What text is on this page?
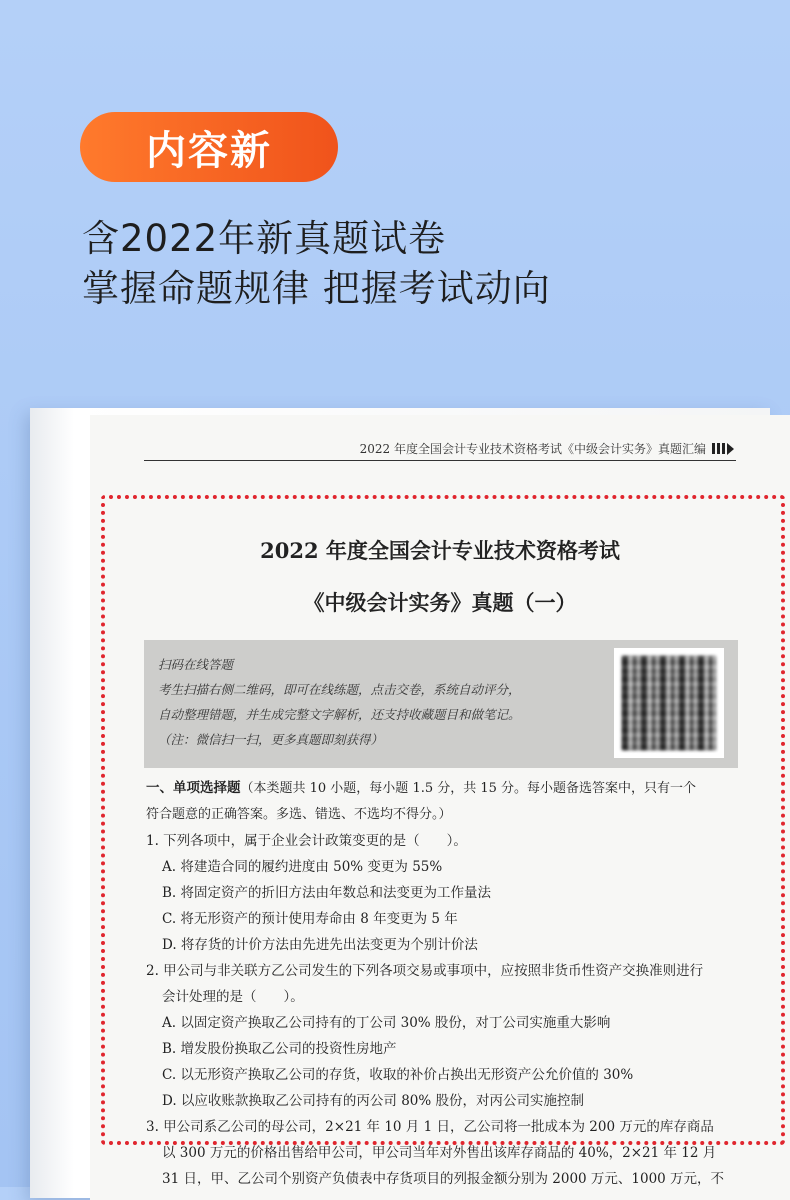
内容新
含2022年新真题试卷
掌握命题规律 把握考试动向
2022 年度全国会计专业技术资格考试《中级会计实务》真题汇编
2022 年度全国会计专业技术资格考试
《中级会计实务》真题（一）
扫码在线答题
考生扫描右侧二维码，即可在线练题，点击交卷，系统自动评分，
自动整理错题，并生成完整文字解析，还支持收藏题目和做笔记。
（注：微信扫一扫，更多真题即刻获得）
一、单项选择题（本类题共 10 小题，每小题 1.5 分，共 15 分。每小题备选答案中，只有一个
符合题意的正确答案。多选、错选、不选均不得分。）
1. 下列各项中，属于企业会计政策变更的是（　　）。
A. 将建造合同的履约进度由 50% 变更为 55%
B. 将固定资产的折旧方法由年数总和法变更为工作量法
C. 将无形资产的预计使用寿命由 8 年变更为 5 年
D. 将存货的计价方法由先进先出法变更为个别计价法
2. 甲公司与非关联方乙公司发生的下列各项交易或事项中，应按照非货币性资产交换准则进行
会计处理的是（　　）。
A. 以固定资产换取乙公司持有的丁公司 30% 股份，对丁公司实施重大影响
B. 增发股份换取乙公司的投资性房地产
C. 以无形资产换取乙公司的存货，收取的补价占换出无形资产公允价值的 30%
D. 以应收账款换取乙公司持有的丙公司 80% 股份，对丙公司实施控制
3. 甲公司系乙公司的母公司，2×21 年 10 月 1 日，乙公司将一批成本为 200 万元的库存商品
以 300 万元的价格出售给甲公司，甲公司当年对外售出该库存商品的 40%，2×21 年 12 月
31 日，甲、乙公司个别资产负债表中存货项目的列报金额分别为 2000 万元、1000 万元，不
